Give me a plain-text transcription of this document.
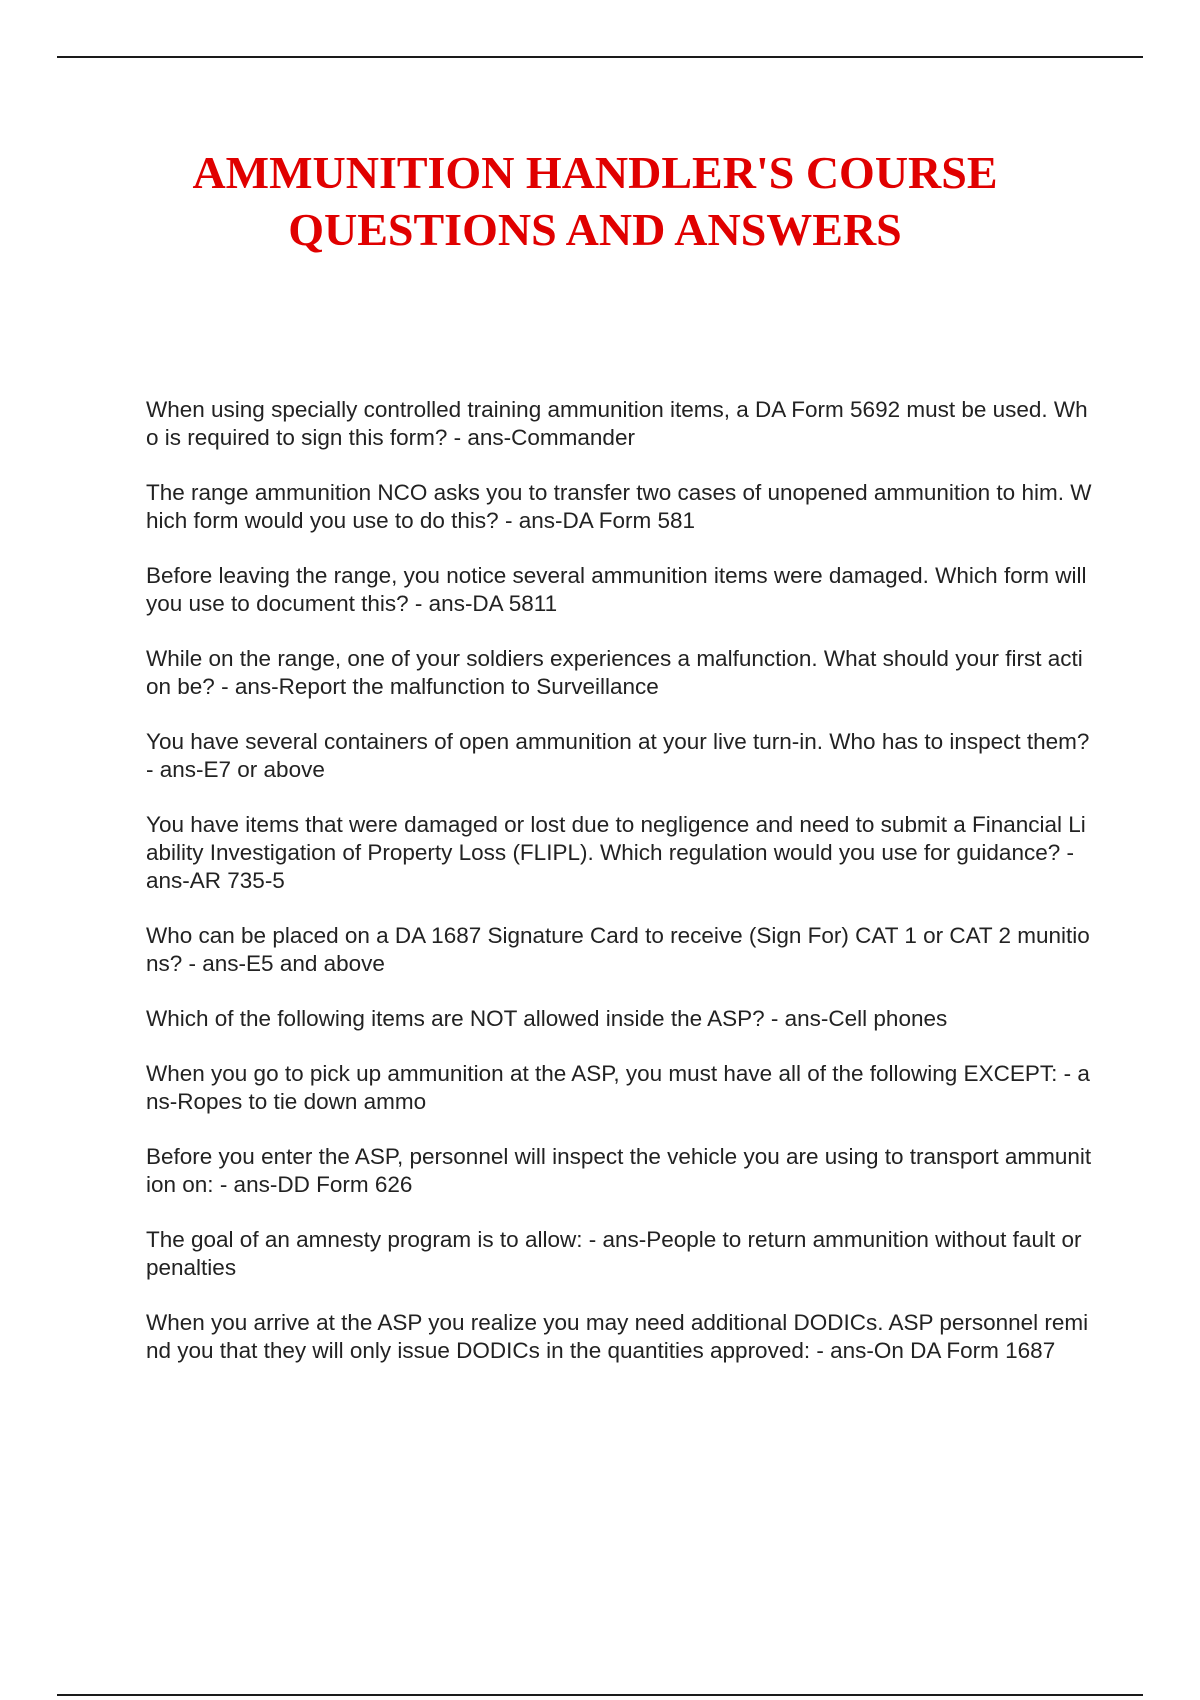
AMMUNITION HANDLER'S COURSE
QUESTIONS AND ANSWERS
When using specially controlled training ammunition items, a DA Form 5692 must be used. Who is required to sign this form? - ans-Commander
The range ammunition NCO asks you to transfer two cases of unopened ammunition to him. Which form would you use to do this? - ans-DA Form 581
Before leaving the range, you notice several ammunition items were damaged. Which form will you use to document this? - ans-DA 5811
While on the range, one of your soldiers experiences a malfunction. What should your first action be? - ans-Report the malfunction to Surveillance
You have several containers of open ammunition at your live turn-in. Who has to inspect them? - ans-E7 or above
You have items that were damaged or lost due to negligence and need to submit a Financial Liability Investigation of Property Loss (FLIPL). Which regulation would you use for guidance? - ans-AR 735-5
Who can be placed on a DA 1687 Signature Card to receive (Sign For) CAT 1 or CAT 2 munitions? - ans-E5 and above
Which of the following items are NOT allowed inside the ASP? - ans-Cell phones
When you go to pick up ammunition at the ASP, you must have all of the following EXCEPT: - ans-Ropes to tie down ammo
Before you enter the ASP, personnel will inspect the vehicle you are using to transport ammunition on: - ans-DD Form 626
The goal of an amnesty program is to allow: - ans-People to return ammunition without fault or penalties
When you arrive at the ASP you realize you may need additional DODICs. ASP personnel remind you that they will only issue DODICs in the quantities approved: - ans-On DA Form 1687
